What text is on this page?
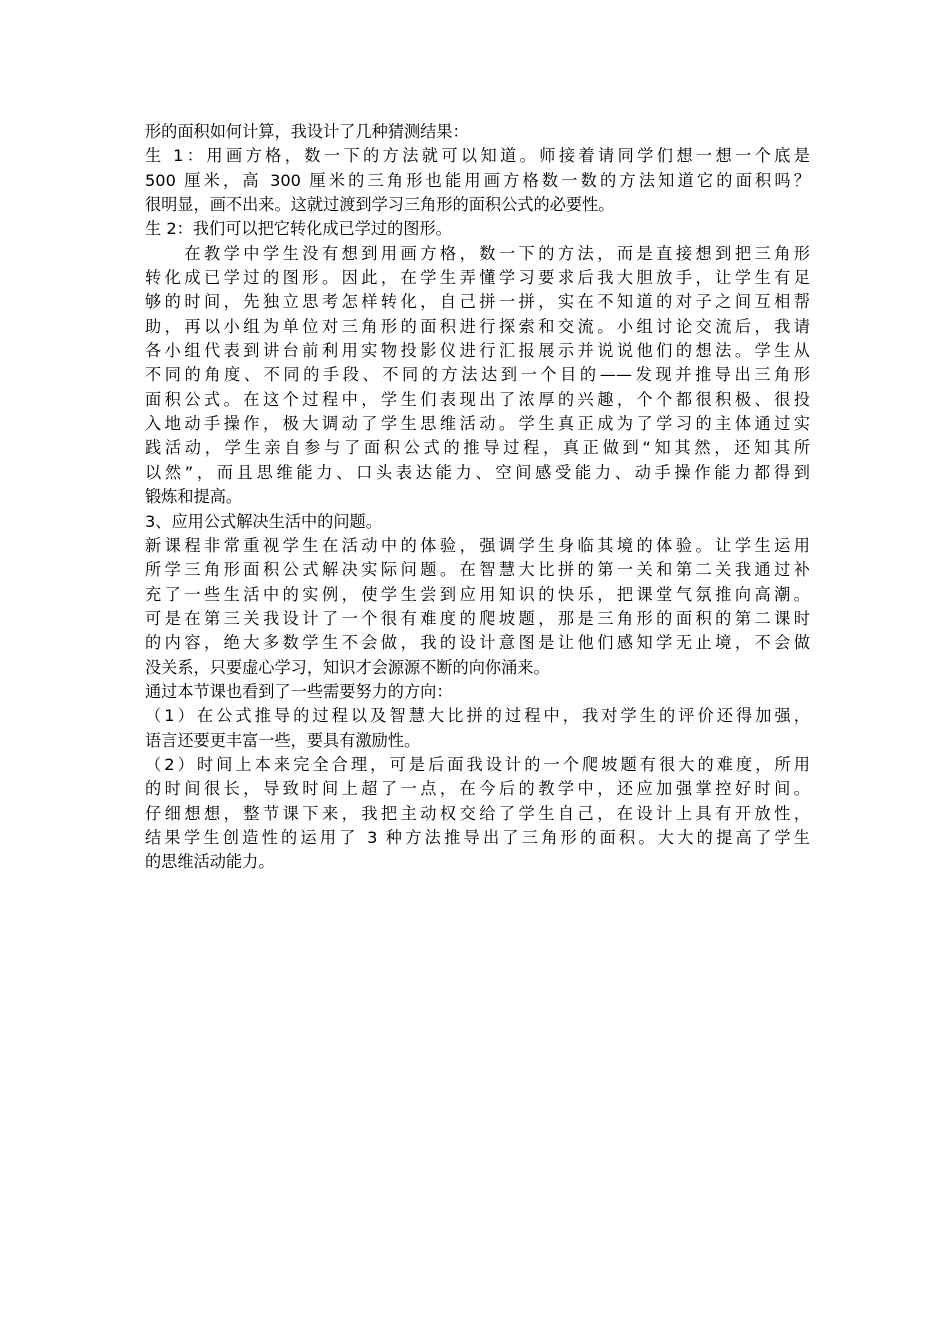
形的面积如何计算，我设计了几种猜测结果：
生 1：用画方格，数一下的方法就可以知道。师接着请同学们想一想一个底是
500 厘米，高 300 厘米的三角形也能用画方格数一数的方法知道它的面积吗？
很明显，画不出来。这就过渡到学习三角形的面积公式的必要性。
生 2：我们可以把它转化成已学过的图形。
　　在教学中学生没有想到用画方格，数一下的方法，而是直接想到把三角形
转化成已学过的图形。因此，在学生弄懂学习要求后我大胆放手，让学生有足
够的时间，先独立思考怎样转化，自己拼一拼，实在不知道的对子之间互相帮
助，再以小组为单位对三角形的面积进行探索和交流。小组讨论交流后，我请
各小组代表到讲台前利用实物投影仪进行汇报展示并说说他们的想法。学生从
不同的角度、不同的手段、不同的方法达到一个目的——发现并推导出三角形
面积公式。在这个过程中，学生们表现出了浓厚的兴趣，个个都很积极、很投
入地动手操作，极大调动了学生思维活动。学生真正成为了学习的主体通过实
践活动，学生亲自参与了面积公式的推导过程，真正做到“知其然，还知其所
以然”，而且思维能力、口头表达能力、空间感受能力、动手操作能力都得到
锻炼和提高。
3、应用公式解决生活中的问题。
新课程非常重视学生在活动中的体验，强调学生身临其境的体验。让学生运用
所学三角形面积公式解决实际问题。在智慧大比拼的第一关和第二关我通过补
充了一些生活中的实例，使学生尝到应用知识的快乐，把课堂气氛推向高潮。
可是在第三关我设计了一个很有难度的爬坡题，那是三角形的面积的第二课时
的内容，绝大多数学生不会做，我的设计意图是让他们感知学无止境，不会做
没关系，只要虚心学习，知识才会源源不断的向你涌来。
通过本节课也看到了一些需要努力的方向：
（1）在公式推导的过程以及智慧大比拼的过程中，我对学生的评价还得加强，
语言还要更丰富一些，要具有激励性。
（2）时间上本来完全合理，可是后面我设计的一个爬坡题有很大的难度，所用
的时间很长，导致时间上超了一点，在今后的教学中，还应加强掌控好时间。
仔细想想，整节课下来，我把主动权交给了学生自己，在设计上具有开放性，
结果学生创造性的运用了 3 种方法推导出了三角形的面积。大大的提高了学生
的思维活动能力。
